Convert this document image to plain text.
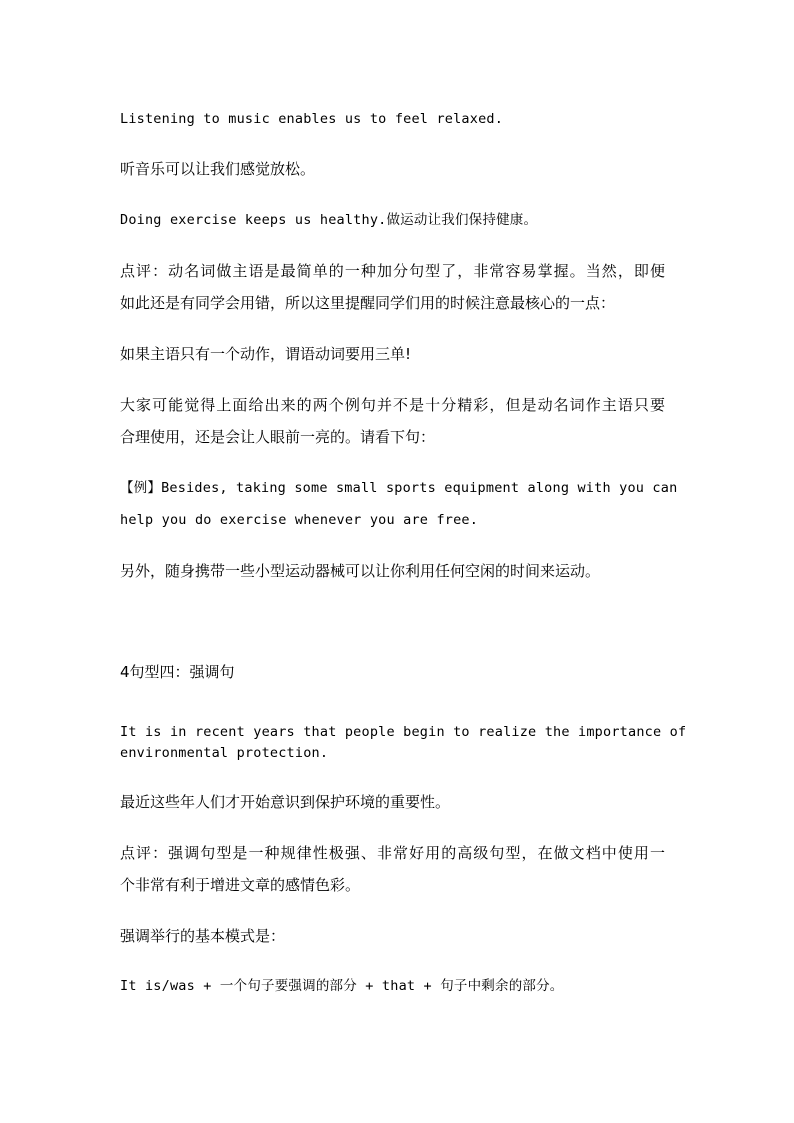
Listening to music enables us to feel relaxed.
听音乐可以让我们感觉放松。
Doing exercise keeps us healthy.做运动让我们保持健康。
点评：动名词做主语是最简单的一种加分句型了，非常容易掌握。当然，即便
如此还是有同学会用错，所以这里提醒同学们用的时候注意最核心的一点：
如果主语只有一个动作，谓语动词要用三单!
大家可能觉得上面给出来的两个例句并不是十分精彩，但是动名词作主语只要
合理使用，还是会让人眼前一亮的。请看下句：
【例】Besides, taking some small sports equipment along with you can
help you do exercise whenever you are free.
另外，随身携带一些小型运动器械可以让你利用任何空闲的时间来运动。
4句型四：强调句
It is in recent years that people begin to realize the importance of
environmental protection.
最近这些年人们才开始意识到保护环境的重要性。
点评：强调句型是一种规律性极强、非常好用的高级句型，在做文档中使用一
个非常有利于增进文章的感情色彩。
强调举行的基本模式是：
It is/was + 一个句子要强调的部分 + that + 句子中剩余的部分。
